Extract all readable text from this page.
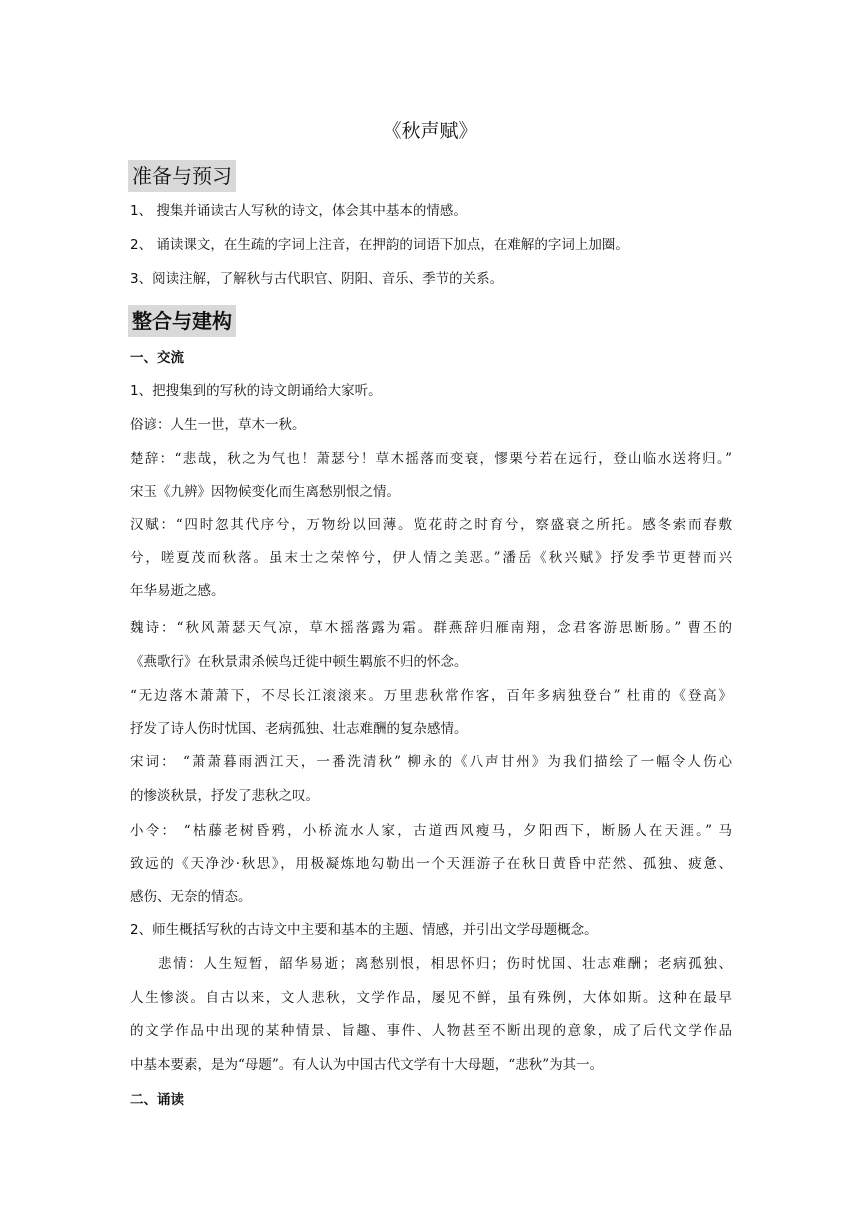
《秋声赋》
准备与预习
1、 搜集并诵读古人写秋的诗文，体会其中基本的情感。
2、 诵读课文，在生疏的字词上注音，在押韵的词语下加点，在难解的字词上加圈。
3、阅读注解，了解秋与古代职官、阴阳、音乐、季节的关系。
整合与建构
一、交流
1、把搜集到的写秋的诗文朗诵给大家听。
俗谚：人生一世，草木一秋。
楚辞：“悲哉，秋之为气也！萧瑟兮！草木摇落而变衰，憀栗兮若在远行，登山临水送将归。”
宋玉《九辨》因物候变化而生离愁别恨之情。
汉赋：“四时忽其代序兮，万物纷以回薄。览花莳之时育兮，察盛衰之所托。感冬索而春敷
兮，嗟夏茂而秋落。虽末士之荣悴兮，伊人情之美恶。”潘岳《秋兴赋》抒发季节更替而兴
年华易逝之感。
魏诗：“秋风萧瑟天气凉，草木摇落露为霜。群燕辞归雁南翔，念君客游思断肠。” 曹丕的
《燕歌行》在秋景肃杀候鸟迁徙中顿生羁旅不归的怀念。
“无边落木萧萧下，不尽长江滚滚来。万里悲秋常作客，百年多病独登台” 杜甫的《登高》
抒发了诗人伤时忧国、老病孤独、壮志难酬的复杂感情。
宋词： “萧萧暮雨洒江天，一番洗清秋” 柳永的《八声甘州》为我们描绘了一幅令人伤心
的惨淡秋景，抒发了悲秋之叹。
小令： “枯藤老树昏鸦，小桥流水人家，古道西风瘦马，夕阳西下，断肠人在天涯。” 马
致远的《天净沙·秋思》，用极凝炼地勾勒出一个天涯游子在秋日黄昏中茫然、孤独、疲惫、
感伤、无奈的情态。
2、师生概括写秋的古诗文中主要和基本的主题、情感，并引出文学母题概念。
悲情：人生短暂，韶华易逝；离愁别恨，相思怀归；伤时忧国、壮志难酬；老病孤独、
人生惨淡。自古以来，文人悲秋，文学作品，屡见不鲜，虽有殊例，大体如斯。这种在最早
的文学作品中出现的某种情景、旨趣、事件、人物甚至不断出现的意象，成了后代文学作品
中基本要素，是为“母题”。有人认为中国古代文学有十大母题，“悲秋”为其一。
二、诵读
